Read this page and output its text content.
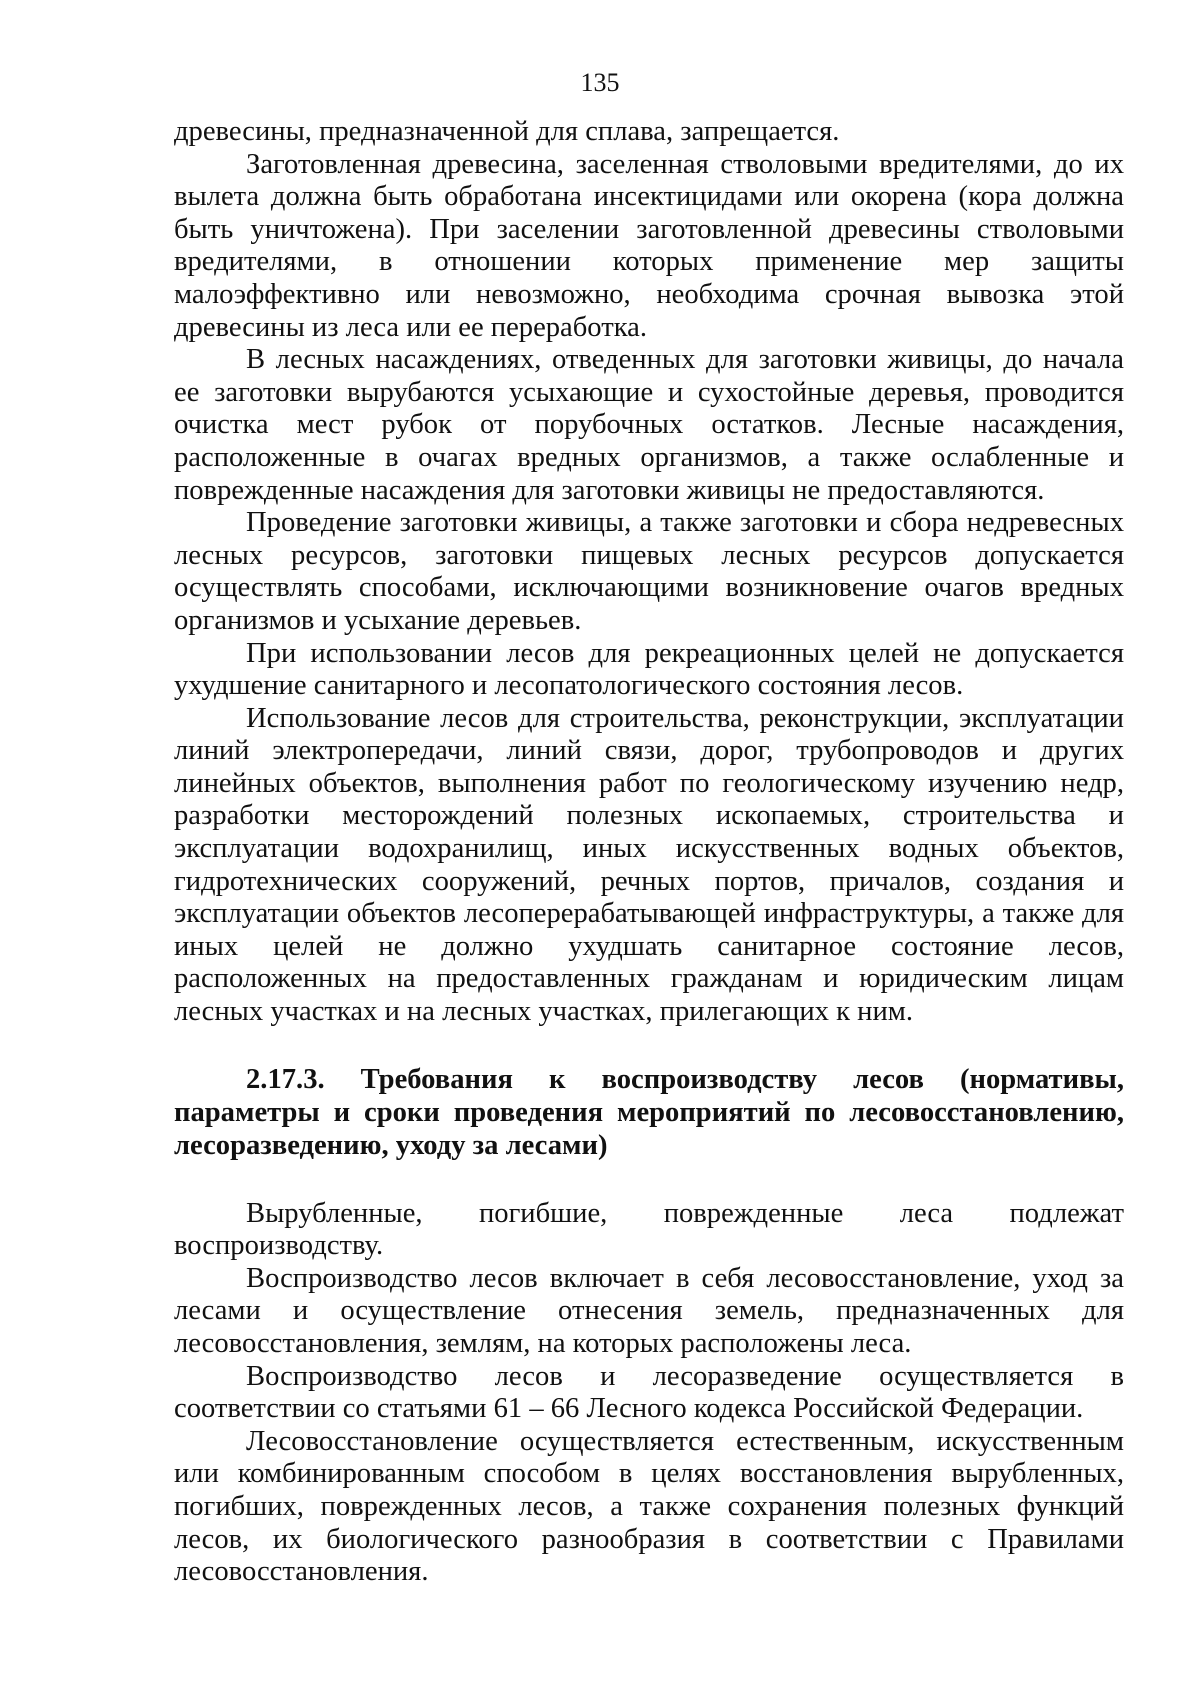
135

древесины, предназначенной для сплава, запрещается.

Заготовленная древесина, заселенная стволовыми вредителями, до их вылета должна быть обработана инсектицидами или окорена (кора должна быть уничтожена). При заселении заготовленной древесины стволовыми вредителями, в отношении которых применение мер защиты малоэффективно или невозможно, необходима срочная вывозка этой древесины из леса или ее переработка.

В лесных насаждениях, отведенных для заготовки живицы, до начала ее заготовки вырубаются усыхающие и сухостойные деревья, проводится очистка мест рубок от порубочных остатков. Лесные насаждения, расположенные в очагах вредных организмов, а также ослабленные и поврежденные насаждения для заготовки живицы не предоставляются.

Проведение заготовки живицы, а также заготовки и сбора недревесных лесных ресурсов, заготовки пищевых лесных ресурсов допускается осуществлять способами, исключающими возникновение очагов вредных организмов и усыхание деревьев.

При использовании лесов для рекреационных целей не допускается ухудшение санитарного и лесопатологического состояния лесов.

Использование лесов для строительства, реконструкции, эксплуатации линий электропередачи, линий связи, дорог, трубопроводов и других линейных объектов, выполнения работ по геологическому изучению недр, разработки месторождений полезных ископаемых, строительства и эксплуатации водохранилищ, иных искусственных водных объектов, гидротехнических сооружений, речных портов, причалов, создания и эксплуатации объектов лесоперерабатывающей инфраструктуры, а также для иных целей не должно ухудшать санитарное состояние лесов, расположенных на предоставленных гражданам и юридическим лицам лесных участках и на лесных участках, прилегающих к ним.

2.17.3. Требования к воспроизводству лесов (нормативы, параметры и сроки проведения мероприятий по лесовосстановлению, лесоразведению, уходу за лесами)

Вырубленные, погибшие, поврежденные леса подлежат воспроизводству.

Воспроизводство лесов включает в себя лесовосстановление, уход за лесами и осуществление отнесения земель, предназначенных для лесовосстановления, землям, на которых расположены леса.

Воспроизводство лесов и лесоразведение осуществляется в соответствии со статьями 61 – 66 Лесного кодекса Российской Федерации.

Лесовосстановление осуществляется естественным, искусственным или комбинированным способом в целях восстановления вырубленных, погибших, поврежденных лесов, а также сохранения полезных функций лесов, их биологического разнообразия в соответствии с Правилами лесовосстановления.
